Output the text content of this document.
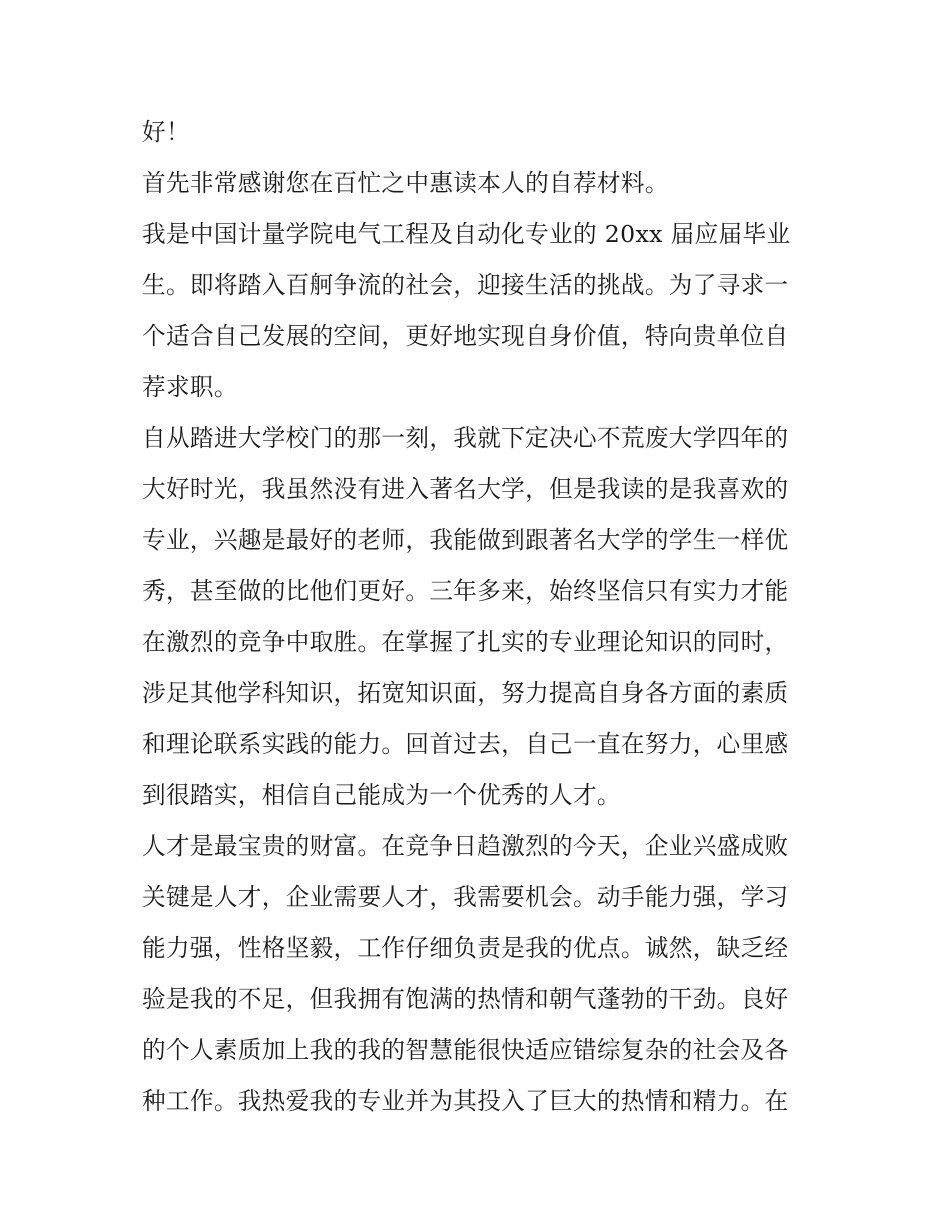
好！
首先非常感谢您在百忙之中惠读本人的自荐材料。
我是中国计量学院电气工程及自动化专业的 20xx 届应届毕业
生。即将踏入百舸争流的社会，迎接生活的挑战。为了寻求一
个适合自己发展的空间，更好地实现自身价值，特向贵单位自
荐求职。
自从踏进大学校门的那一刻，我就下定决心不荒废大学四年的
大好时光，我虽然没有进入著名大学，但是我读的是我喜欢的
专业，兴趣是最好的老师，我能做到跟著名大学的学生一样优
秀，甚至做的比他们更好。三年多来，始终坚信只有实力才能
在激烈的竞争中取胜。在掌握了扎实的专业理论知识的同时，
涉足其他学科知识，拓宽知识面，努力提高自身各方面的素质
和理论联系实践的能力。回首过去，自己一直在努力，心里感
到很踏实，相信自己能成为一个优秀的人才。
人才是最宝贵的财富。在竞争日趋激烈的今天，企业兴盛成败
关键是人才，企业需要人才，我需要机会。动手能力强，学习
能力强，性格坚毅，工作仔细负责是我的优点。诚然，缺乏经
验是我的不足，但我拥有饱满的热情和朝气蓬勃的干劲。良好
的个人素质加上我的我的智慧能很快适应错综复杂的社会及各
种工作。我热爱我的专业并为其投入了巨大的热情和精力。在
